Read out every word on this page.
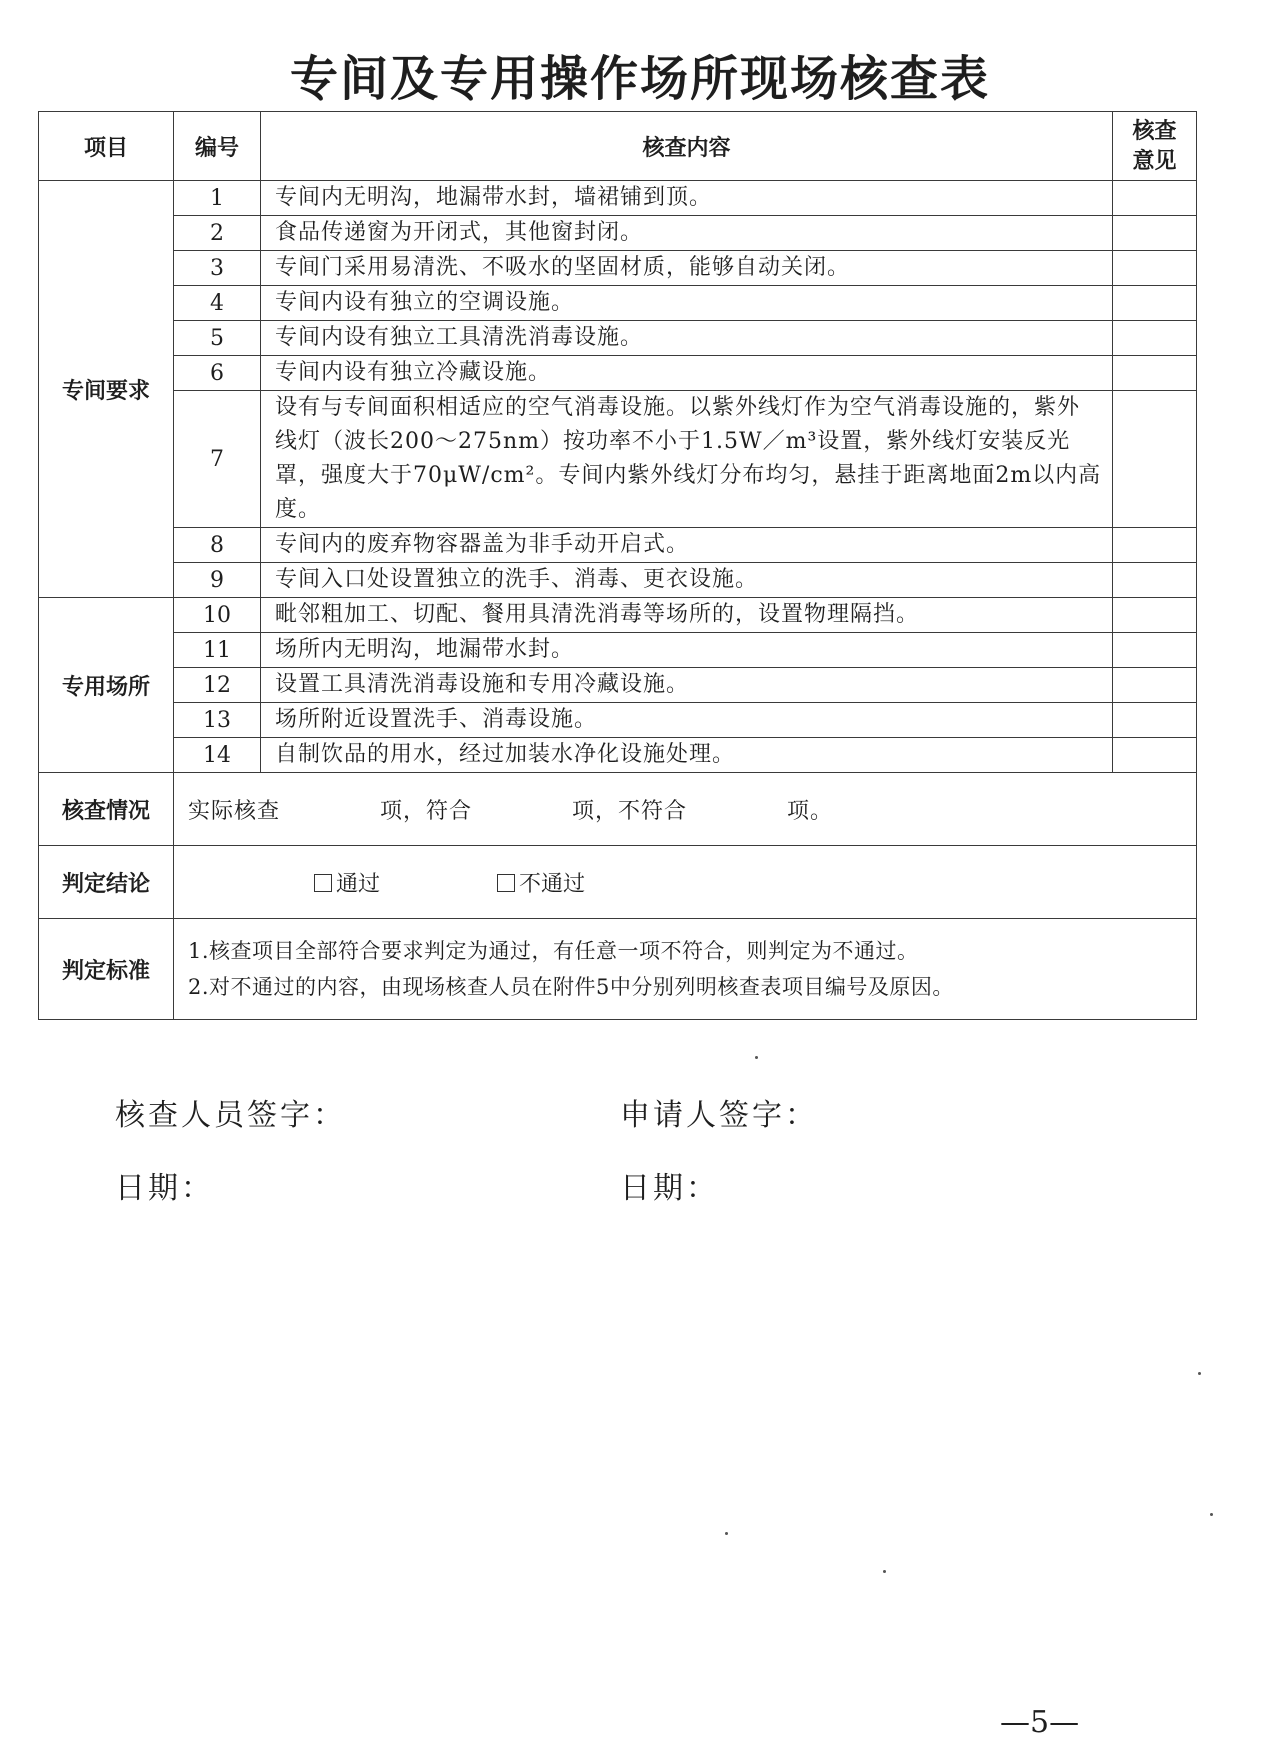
专间及专用操作场所现场核查表
项目	编号	核查内容	核查
意见
专间要求	1	专间内无明沟，地漏带水封，墙裙铺到顶。	
	2	食品传递窗为开闭式，其他窗封闭。	
	3	专间门采用易清洗、不吸水的坚固材质，能够自动关闭。	
	4	专间内设有独立的空调设施。	
	5	专间内设有独立工具清洗消毒设施。	
	6	专间内设有独立冷藏设施。	
	7	设有与专间面积相适应的空气消毒设施。以紫外线灯作为空气消毒设施的，紫外线灯（波长200～275nm）按功率不小于1.5W／m³设置，紫外线灯安装反光罩，强度大于70μW/cm²。专间内紫外线灯分布均匀，悬挂于距离地面2m以内高度。	
	8	专间内的废弃物容器盖为非手动开启式。	
	9	专间入口处设置独立的洗手、消毒、更衣设施。	
专用场所	10	毗邻粗加工、切配、餐用具清洗消毒等场所的，设置物理隔挡。	
	11	场所内无明沟，地漏带水封。	
	12	设置工具清洗消毒设施和专用冷藏设施。	
	13	场所附近设置洗手、消毒设施。	
	14	自制饮品的用水，经过加装水净化设施处理。	
核查情况	实际核查 项，符合 项，不符合 项。		
判定结论	通过 不通过		
判定标准	1.核查项目全部符合要求判定为通过，有任意一项不符合，则判定为不通过。
2.对不通过的内容，由现场核查人员在附件5中分别列明核查表项目编号及原因。		
核查人员签字：	申请人签字：
日期：	日期：
—5—
